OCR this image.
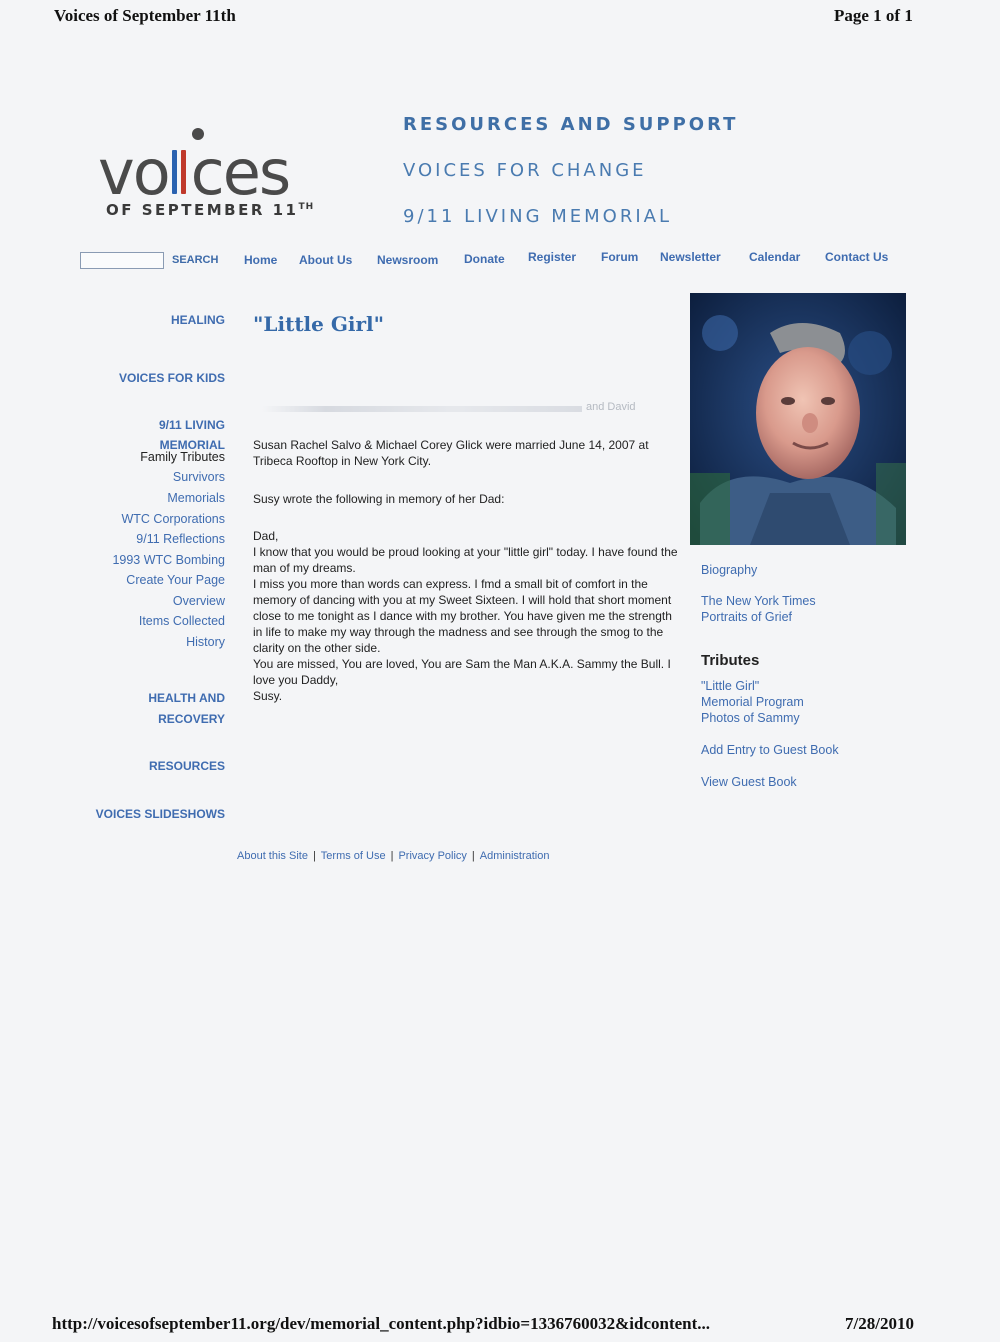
Voices of September 11th	Page 1 of 1
vo ces
OF SEPTEMBER 11TH
RESOURCES AND SUPPORT
VOICES FOR CHANGE
9/11 LIVING MEMORIAL
SEARCH Home About Us Newsroom Donate Register Forum Newsletter Calendar Contact Us
HEALING
VOICES FOR KIDS
9/11 LIVING
MEMORIAL
Family Tributes
Survivors
Memorials
WTC Corporations
9/11 Reflections
1993 WTC Bombing
Create Your Page
Overview
Items Collected
History
HEALTH AND
RECOVERY
RESOURCES
VOICES SLIDESHOWS
"Little Girl"
and David
Susan Rachel Salvo & Michael Corey Glick were married June 14, 2007 at Tribeca Rooftop in New York City.
Susy wrote the following in memory of her Dad:
Dad,
I know that you would be proud looking at your "little girl" today. I have found the man of my dreams.
I miss you more than words can express. I fmd a small bit of comfort in the memory of dancing with you at my Sweet Sixteen. I will hold that short moment close to me tonight as I dance with my brother. You have given me the strength in life to make my way through the madness and see through the smog to the clarity on the other side.
You are missed, You are loved, You are Sam the Man A.K.A. Sammy the Bull. I love you Daddy,
Susy.
Biography
The New York Times
Portraits of Grief
Tributes
"Little Girl"
Memorial Program
Photos of Sammy
Add Entry to Guest Book
View Guest Book
About this Site | Terms of Use | Privacy Policy | Administration
http://voicesofseptember11.org/dev/memorial_content.php?idbio=1336760032&idcontent...	7/28/2010
